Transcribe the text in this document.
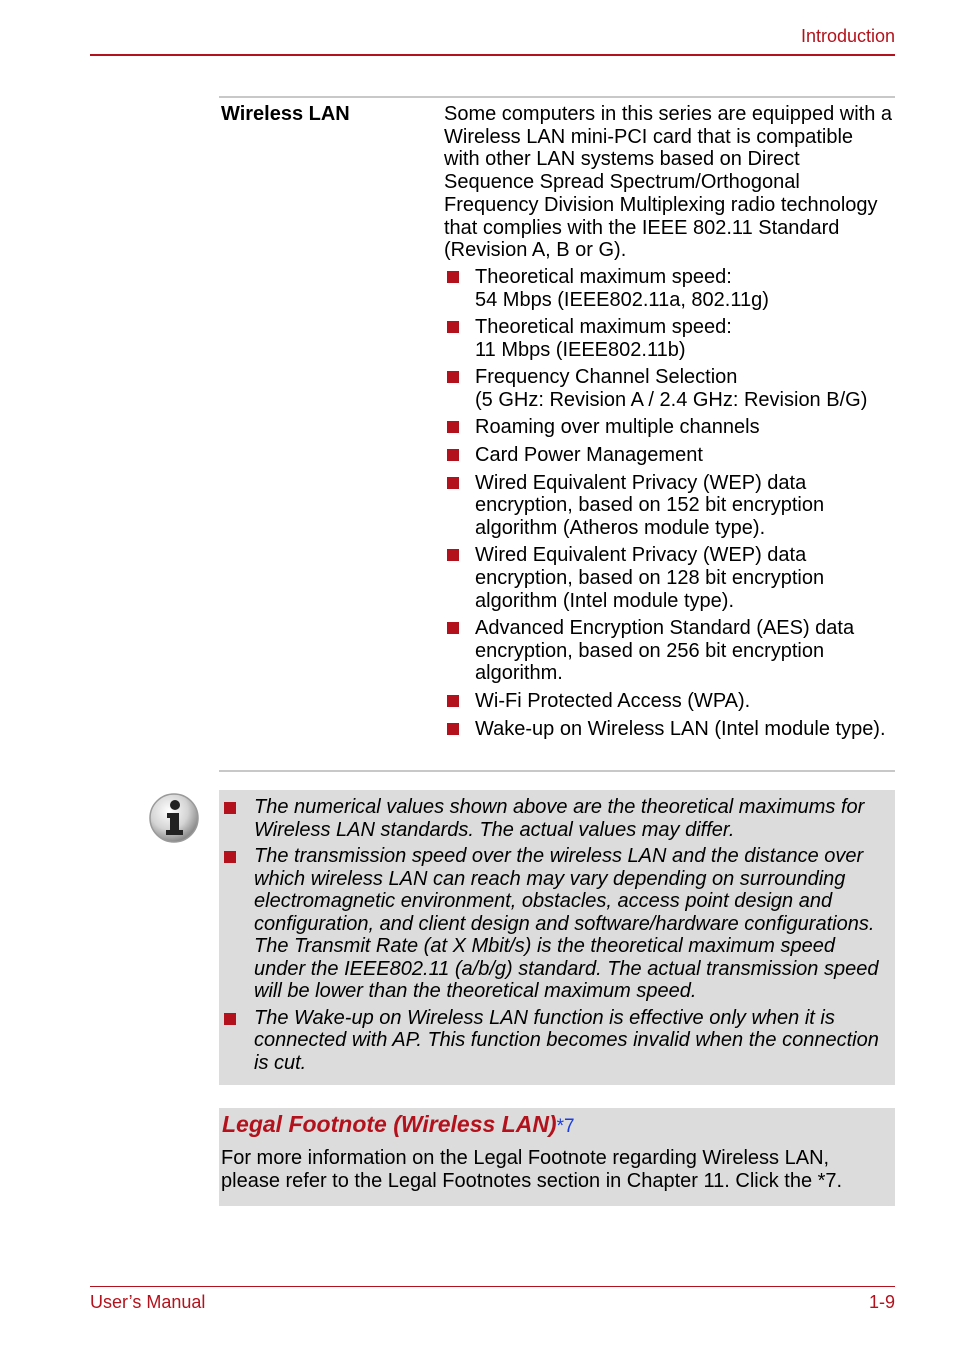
Introduction
Wireless LAN	Some computers in this series are equipped with a Wireless LAN mini-PCI card that is compatible with other LAN systems based on Direct Sequence Spread Spectrum/Orthogonal Frequency Division Multiplexing radio technology that complies with the IEEE 802.11 Standard (Revision A, B or G).
Theoretical maximum speed:
54 Mbps (IEEE802.11a, 802.11g)
Theoretical maximum speed:
11 Mbps (IEEE802.11b)
Frequency Channel Selection
(5 GHz: Revision A / 2.4 GHz: Revision B/G)
Roaming over multiple channels
Card Power Management
Wired Equivalent Privacy (WEP) data encryption, based on 152 bit encryption algorithm (Atheros module type).
Wired Equivalent Privacy (WEP) data encryption, based on 128 bit encryption algorithm (Intel module type).
Advanced Encryption Standard (AES) data encryption, based on 256 bit encryption algorithm.
Wi-Fi Protected Access (WPA).
Wake-up on Wireless LAN (Intel module type).
The numerical values shown above are the theoretical maximums for Wireless LAN standards. The actual values may differ.
The transmission speed over the wireless LAN and the distance over which wireless LAN can reach may vary depending on surrounding electromagnetic environment, obstacles, access point design and configuration, and client design and software/hardware configurations. The Transmit Rate (at X Mbit/s) is the theoretical maximum speed under the IEEE802.11 (a/b/g) standard. The actual transmission speed will be lower than the theoretical maximum speed.
The Wake-up on Wireless LAN function is effective only when it is connected with AP. This function becomes invalid when the connection is cut.
Legal Footnote (Wireless LAN)*7
For more information on the Legal Footnote regarding Wireless LAN, please refer to the Legal Footnotes section in Chapter 11. Click the *7.
User’s Manual	1-9
